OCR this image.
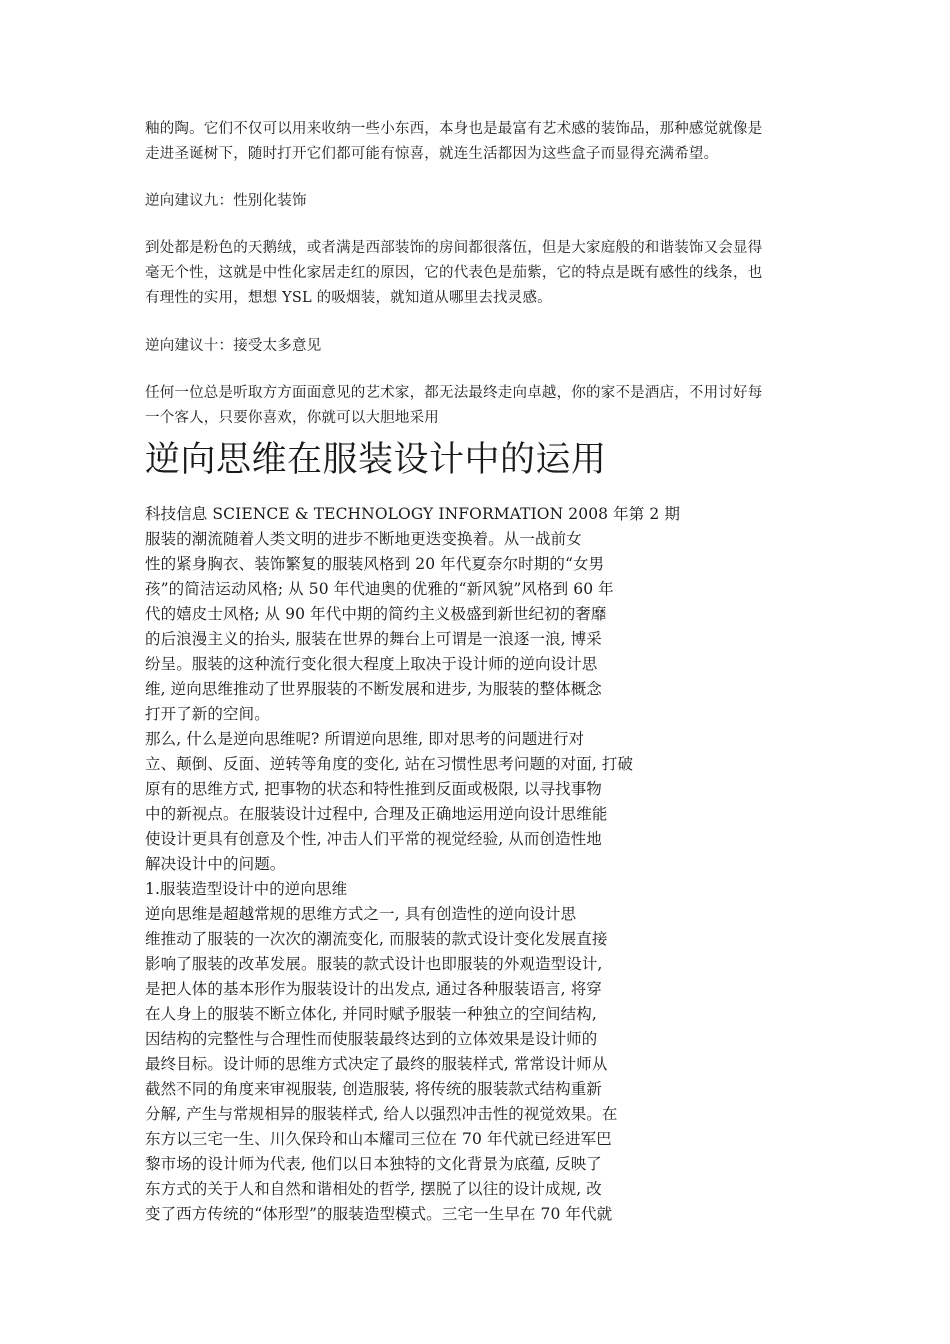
釉的陶。它们不仅可以用来收纳一些小东西，本身也是最富有艺术感的装饰品，那种感觉就像是
走进圣诞树下，随时打开它们都可能有惊喜，就连生活都因为这些盒子而显得充满希望。
逆向建议九：性别化装饰
到处都是粉色的天鹅绒，或者满是西部装饰的房间都很落伍，但是大家庭般的和谐装饰又会显得
毫无个性，这就是中性化家居走红的原因，它的代表色是茄紫，它的特点是既有感性的线条，也
有理性的实用，想想 YSL 的吸烟装，就知道从哪里去找灵感。
逆向建议十：接受太多意见
任何一位总是听取方方面面意见的艺术家，都无法最终走向卓越，你的家不是酒店，不用讨好每
一个客人，只要你喜欢，你就可以大胆地采用
逆向思维在服装设计中的运用
科技信息 SCIENCE & TECHNOLOGY INFORMATION 2008 年第 2 期
服装的潮流随着人类文明的进步不断地更迭变换着。从一战前女
性的紧身胸衣、装饰繁复的服装风格到 20 年代夏奈尔时期的“女男
孩”的简洁运动风格; 从 50 年代迪奥的优雅的“新风貌”风格到 60 年
代的嬉皮士风格; 从 90 年代中期的简约主义极盛到新世纪初的奢靡
的后浪漫主义的抬头, 服装在世界的舞台上可谓是一浪逐一浪, 博采
纷呈。服装的这种流行变化很大程度上取决于设计师的逆向设计思
维, 逆向思维推动了世界服装的不断发展和进步, 为服装的整体概念
打开了新的空间。
那么, 什么是逆向思维呢? 所谓逆向思维, 即对思考的问题进行对
立、颠倒、反面、逆转等角度的变化, 站在习惯性思考问题的对面, 打破
原有的思维方式, 把事物的状态和特性推到反面或极限, 以寻找事物
中的新视点。在服装设计过程中, 合理及正确地运用逆向设计思维能
使设计更具有创意及个性, 冲击人们平常的视觉经验, 从而创造性地
解决设计中的问题。
1.服装造型设计中的逆向思维
逆向思维是超越常规的思维方式之一, 具有创造性的逆向设计思
维推动了服装的一次次的潮流变化, 而服装的款式设计变化发展直接
影响了服装的改革发展。服装的款式设计也即服装的外观造型设计,
是把人体的基本形作为服装设计的出发点, 通过各种服装语言, 将穿
在人身上的服装不断立体化, 并同时赋予服装一种独立的空间结构,
因结构的完整性与合理性而使服装最终达到的立体效果是设计师的
最终目标。设计师的思维方式决定了最终的服装样式, 常常设计师从
截然不同的角度来审视服装, 创造服装, 将传统的服装款式结构重新
分解, 产生与常规相异的服装样式, 给人以强烈冲击性的视觉效果。在
东方以三宅一生、川久保玲和山本耀司三位在 70 年代就已经进军巴
黎市场的设计师为代表, 他们以日本独特的文化背景为底蕴, 反映了
东方式的关于人和自然和谐相处的哲学, 摆脱了以往的设计成规, 改
变了西方传统的“体形型”的服装造型模式。三宅一生早在 70 年代就
